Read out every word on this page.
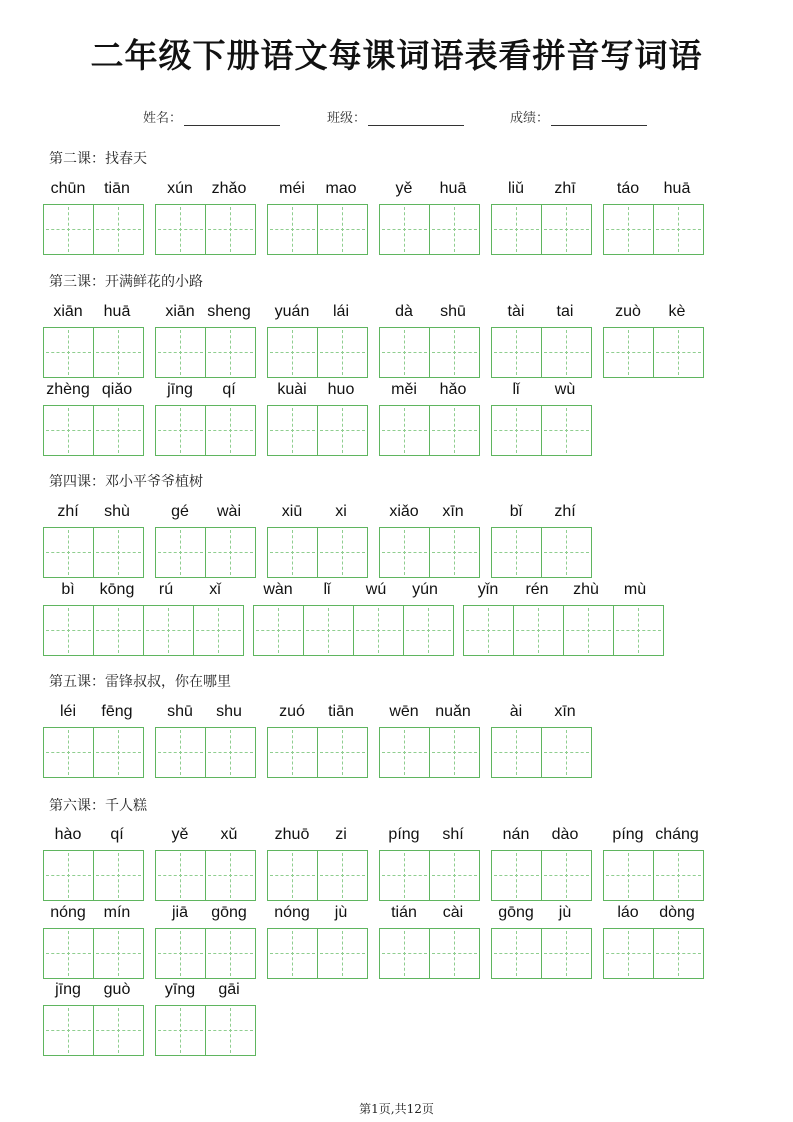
二年级下册语文每课词语表看拼音写词语
姓名：	班级：	成绩：
第二课：找春天
chūn	tiān	xún	zhǎo	méi	mao	yě	huā	liǔ	zhī	táo	huā
第三课：开满鲜花的小路
xiān	huā	xiān sheng	yuán	lái	dà	shū	tài	tai	zuò	kè
zhèng qiǎo	jīng	qí	kuài	huo	měi	hǎo	lǐ	wù
第四课：邓小平爷爷植树
zhí	shù	gé	wài	xiū	xi	xiǎo	xīn	bǐ	zhí
bì	kōng	rú	xǐ	wàn	lǐ	wú	yún	yǐn	rén	zhù	mù
第五课：雷锋叔叔，你在哪里
léi	fēng	shū	shu	zuó	tiān	wēn	nuǎn	ài	xīn
第六课：千人糕
hào	qí	yě	xǔ	zhuō	zi	píng	shí	nán	dào	píng cháng
nóng	mín	jiā	gōng	nóng	jù	tián	cài	gōng	jù	láo	dòng
jīng	guò	yīng	gāi
第1页,共12页
